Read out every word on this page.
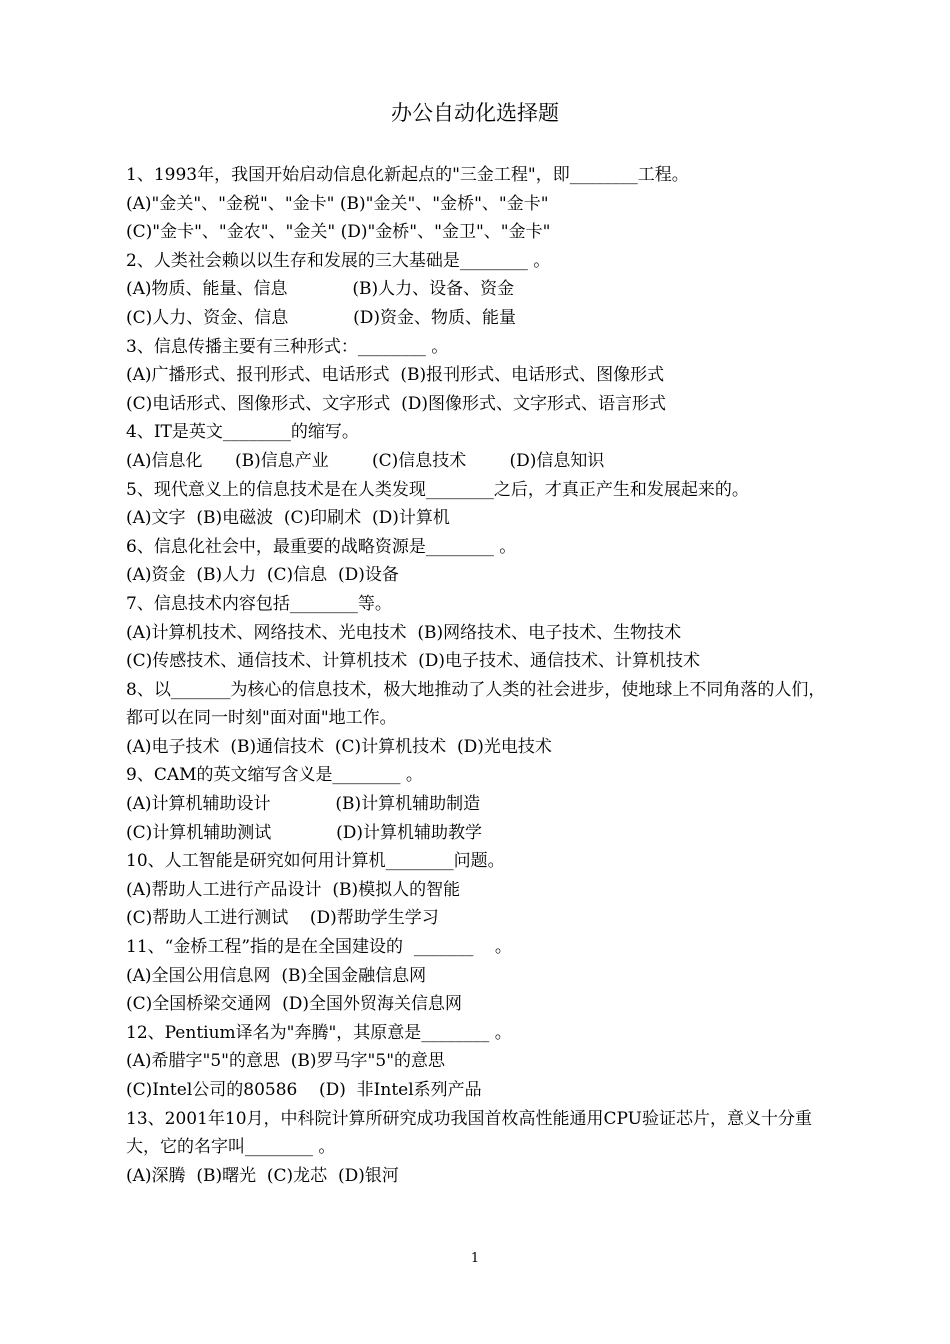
办公自动化选择题
1、1993年，我国开始启动信息化新起点的"三金工程"，即________工程。
(A)"金关"、"金税"、"金卡" (B)"金关"、"金桥"、"金卡"
(C)"金卡"、"金农"、"金关" (D)"金桥"、"金卫"、"金卡"
2、人类社会赖以以生存和发展的三大基础是________ 。
(A)物质、能量、信息            (B)人力、设备、资金
(C)人力、资金、信息            (D)资金、物质、能量
3、信息传播主要有三种形式：________ 。
(A)广播形式、报刊形式、电话形式  (B)报刊形式、电话形式、图像形式
(C)电话形式、图像形式、文字形式  (D)图像形式、文字形式、语言形式
4、IT是英文________的缩写。
(A)信息化      (B)信息产业        (C)信息技术        (D)信息知识
5、现代意义上的信息技术是在人类发现________之后，才真正产生和发展起来的。
(A)文字  (B)电磁波  (C)印刷术  (D)计算机
6、信息化社会中，最重要的战略资源是________ 。
(A)资金  (B)人力  (C)信息  (D)设备
7、信息技术内容包括________等。
(A)计算机技术、网络技术、光电技术  (B)网络技术、电子技术、生物技术
(C)传感技术、通信技术、计算机技术  (D)电子技术、通信技术、计算机技术
8、以_______为核心的信息技术，极大地推动了人类的社会进步，使地球上不同角落的人们，都可以在同一时刻"面对面"地工作。
(A)电子技术  (B)通信技术  (C)计算机技术  (D)光电技术
9、CAM的英文缩写含义是________ 。
(A)计算机辅助设计            (B)计算机辅助制造
(C)计算机辅助测试            (D)计算机辅助教学
10、人工智能是研究如何用计算机________问题。
(A)帮助人工进行产品设计  (B)模拟人的智能
(C)帮助人工进行测试    (D)帮助学生学习
11、“金桥工程”指的是在全国建设的  _______    。
(A)全国公用信息网  (B)全国金融信息网
(C)全国桥梁交通网  (D)全国外贸海关信息网
12、Pentium译名为"奔腾"，其原意是________ 。
(A)希腊字"5"的意思  (B)罗马字"5"的意思
(C)Intel公司的80586    (D)  非Intel系列产品
13、2001年10月，中科院计算所研究成功我国首枚高性能通用CPU验证芯片，意义十分重大，它的名字叫________ 。
(A)深腾  (B)曙光  (C)龙芯  (D)银河
1
